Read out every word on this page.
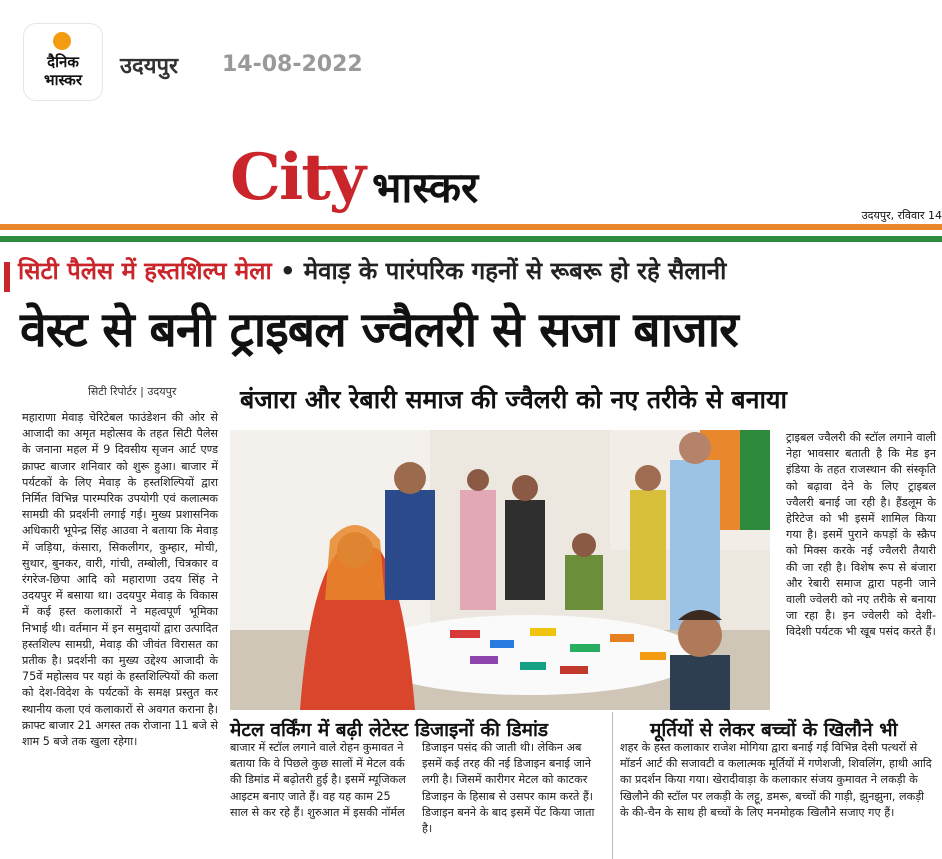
दैनिक
भास्कर
उदयपुर 14-08-2022
City भास्कर
उदयपुर, रविवार 14
सिटी पैलेस में हस्तशिल्प मेला • मेवाड़ के पारंपरिक गहनों से रूबरू हो रहे सैलानी
वेस्ट से बनी ट्राइबल ज्वैलरी से सजा बाजार
सिटी रिपोर्टर | उदयपुर	बंजारा और रेबारी समाज की ज्वैलरी को नए तरीके से बनाया
महाराणा मेवाड़ चेरिटेबल फाउंडेशन की ओर से आजादी का अमृत महोत्सव के तहत सिटी पैलेस के जनाना महल में 9 दिवसीय सृजन आर्ट एण्ड क्राफ्ट बाजार शनिवार को शुरू हुआ। बाजार में पर्यटकों के लिए मेवाड़ के हस्तशिल्पियों द्वारा निर्मित विभिन्न पारम्परिक उपयोगी एवं कलात्मक सामग्री की प्रदर्शनी लगाई गई। मुख्य प्रशासनिक अधिकारी भूपेन्द्र सिंह आउवा ने बताया कि मेवाड़ में जड़िया, कंसारा, सिकलीगर, कुम्हार, मोची, सुथार, बुनकर, वारी, गांची, तम्बोली, चित्रकार व रंगरेज-छिपा आदि को महाराणा उदय सिंह ने उदयपुर में बसाया था। उदयपुर मेवाड़ के विकास में कई हस्त कलाकारों ने महत्वपूर्ण भूमिका निभाई थी। वर्तमान में इन समुदायों द्वारा उत्पादित हस्तशिल्प सामग्री, मेवाड़ की जीवंत विरासत का प्रतीक है। प्रदर्शनी का मुख्य उद्देश्य आजादी के 75वें महोत्सव पर यहां के हस्तशिल्पियों की कला को देश-विदेश के पर्यटकों के समक्ष प्रस्तुत कर स्थानीय कला एवं कलाकारों से अवगत कराना है। क्राफ्ट बाजार 21 अगस्त तक रोजाना 11 बजे से शाम 5 बजे तक खुला रहेगा।
ट्राइबल ज्वैलरी की स्टॉल लगाने वाली नेहा भावसार बताती है कि मेड इन इंडिया के तहत राजस्थान की संस्कृति को बढ़ावा देने के लिए ट्राइबल ज्वैलरी बनाई जा रही है। हैंडलूम के हेरिटेज को भी इसमें शामिल किया गया है। इसमें पुराने कपड़ों के स्क्रैप को मिक्स करके नई ज्वैलरी तैयारी की जा रही है। विशेष रूप से बंजारा और रेबारी समाज द्वारा पहनी जाने वाली ज्वेलरी को नए तरीके से बनाया जा रहा है। इन ज्वेलरी को देशी-विदेशी पर्यटक भी खूब पसंद करते हैं।
मेटल वर्किंग में बढ़ी लेटेस्ट डिजाइनों की डिमांड	मूर्तियों से लेकर बच्चों के खिलौने भी
बाजार में स्टॉल लगाने वाले रोहन कुमावत ने बताया कि वे पिछले कुछ सालों में मेटल वर्क की डिमांड में बढ़ोतरी हुई है। इसमें म्यूजिकल आइटम बनाए जाते हैं। वह यह काम 25 साल से कर रहे हैं। शुरुआत में इसकी नॉर्मल
डिजाइन पसंद की जाती थी। लेकिन अब इसमें कई तरह की नई डिजाइन बनाई जाने लगी है। जिसमें कारीगर मेटल को काटकर डिजाइन के हिसाब से उसपर काम करते हैं। डिजाइन बनने के बाद इसमें पेंट किया जाता है।
शहर के हस्त कलाकार राजेश मोगिया द्वारा बनाई गई विभिन्न देसी पत्थरों से मॉडर्न आर्ट की सजावटी व कलात्मक मूर्तियों में गणेशजी, शिवलिंग, हाथी आदि का प्रदर्शन किया गया। खेरादीवाड़ा के कलाकार संजय कुमावत ने लकड़ी के खिलौने की स्टॉल पर लकड़ी के लट्टू, डमरू, बच्चों की गाड़ी, झुनझुना, लकड़ी के की-चैन के साथ ही बच्चों के लिए मनमोहक खिलौने सजाए गए हैं।
